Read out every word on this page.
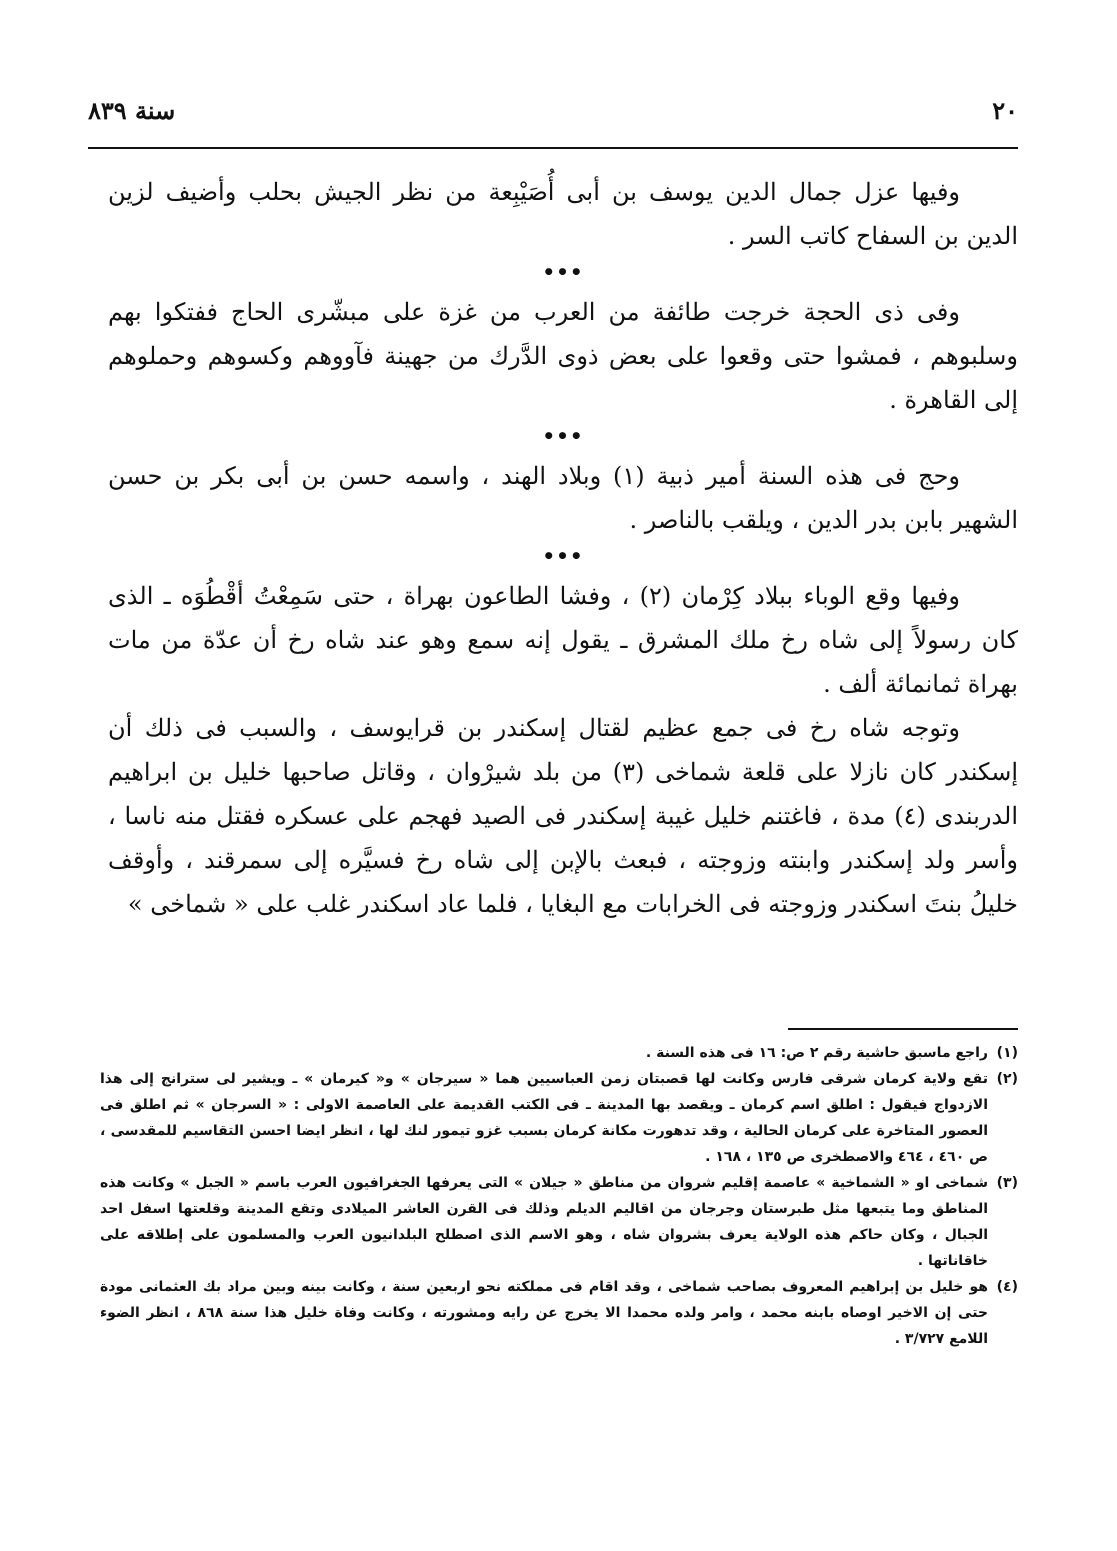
٢٠
سنة ٨٣٩

وفيها عزل جمال الدين يوسف بن أبى أُصَيْبِعة من نظر الجيش بحلب وأضيف لزين الدين بن السفاح كاتب السر .

•••

وفى ذى الحجة خرجت طائفة من العرب من غزة على مبشّرى الحاج ففتكوا بهم وسلبوهم ، فمشوا حتى وقعوا على بعض ذوى الدَّرك من جهينة فآووهم وكسوهم وحملوهم إلى القاهرة .

•••

وحج فى هذه السنة أمير ذبية (١) وبلاد الهند ، واسمه حسن بن أبى بكر بن حسن الشهير بابن بدر الدين ، ويلقب بالناصر .

•••

وفيها وقع الوباء ببلاد كِرْمان (٢) ، وفشا الطاعون بهراة ، حتى سَمِعْتُ أقْطُوَه ـ الذى كان رسولاً إلى شاه رخ ملك المشرق ـ يقول إنه سمع وهو عند شاه رخ أن عدّة من مات بهراة ثمانمائة ألف .

وتوجه شاه رخ فى جمع عظيم لقتال إسكندر بن قرايوسف ، والسبب فى ذلك أن إسكندر كان نازلا على قلعة شماخى (٣) من بلد شيرْوان ، وقاتل صاحبها خليل بن ابراهيم الدربندى (٤) مدة ، فاغتنم خليل غيبة إسكندر فى الصيد فهجم على عسكره فقتل منه ناسا ، وأسر ولد إسكندر وابنته وزوجته ، فبعث بالإبن إلى شاه رخ فسيَّره إلى سمرقند ، وأوقف خليلُ بنتَ اسكندر وزوجته فى الخرابات مع البغايا ، فلما عاد اسكندر غلب على « شماخى »

(١)
راجع ماسبق حاشية رقم ٢ ص: ١٦ فى هذه السنة .
(٢)
تقع ولاية كرمان شرقى فارس وكانت لها قصبتان زمن العباسيين هما « سيرجان » و« كيرمان » ـ ويشير لى سترانج إلى هذا الازدواج فيقول : اطلق اسم كرمان ـ ويقصد بها المدينة ـ فى الكتب القديمة على العاصمة الاولى : « السرجان » ثم اطلق فى العصور المتاخرة على كرمان الحالية ، وقد تدهورت مكانة كرمان بسبب غزو تيمور لنك لها ، انظر ايضا احسن التقاسيم للمقدسى ، ص ٤٦٠ ، ٤٦٤ والاصطخرى ص ١٣٥ ، ١٦٨ .
(٣)
شماخى او « الشماخية » عاصمة إقليم شروان من مناطق « جيلان » التى يعرفها الجغرافيون العرب باسم « الجبل » وكانت هذه المناطق وما يتبعها مثل طبرستان وجرجان من اقاليم الديلم وذلك فى القرن العاشر الميلادى وتقع المدينة وقلعتها اسفل احد الجبال ، وكان حاكم هذه الولاية يعرف بشروان شاه ، وهو الاسم الذى اصطلح البلدانيون العرب والمسلمون على إطلاقه على خاقاناتها .
(٤)
هو خليل بن إبراهيم المعروف بصاحب شماخى ، وقد اقام فى مملكته نحو اربعين سنة ، وكانت بينه وبين مراد بك العثمانى مودة حتى إن الاخير اوصاه بابنه محمد ، وامر ولده محمدا الا يخرج عن رايه ومشورته ، وكانت وفاة خليل هذا سنة ٨٦٨ ، انظر الضوء اللامع ٣/٧٢٧ .
